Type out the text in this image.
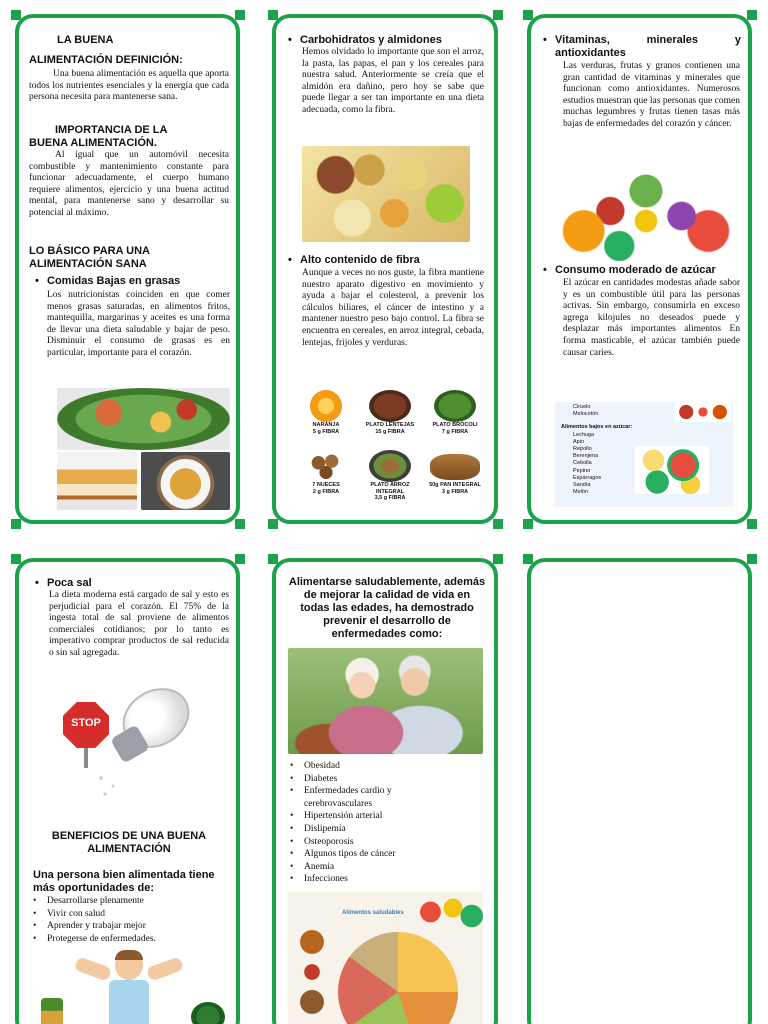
LA BUENA
ALIMENTACIÓN DEFINICIÓN:
Una buena alimentación es aquella que aporta todos los nutrientes esenciales y la energía que cada persona necesita para mantenerse sana.
IMPORTANCIA DE LA BUENA ALIMENTACIÓN.
Al igual que un automóvil necesita combustible y mantenimiento constante para funcionar adecuadamente, el cuerpo humano requiere alimentos, ejercicio y una buena actitud mental, para mantenerse sano y desarrollar su potencial al máximo.
LO BÁSICO PARA UNA ALIMENTACIÓN SANA
• Comidas Bajas en grasas
Los nutricionistas coinciden en que comer menos grasas saturadas, en alimentos fritos, mantequilla, margarinas y aceites es una forma de llevar una dieta saludable y bajar de peso. Disminuir el consumo de grasas es en particular, importante para el corazón.
• Carbohidratos y almidones
Hemos olvidado lo importante que son el arroz, la pasta, las papas, el pan y los cereales para nuestra salud. Anteriormente se creía que el almidón era dañino, pero hoy se sabe que puede llegar a ser tan importante en una dieta adecuada, como la fibra.
• Alto contenido de fibra
Aunque a veces no nos guste, la fibra mantiene nuestro aparato digestivo en movimiento y ayuda a bajar el colesterol, a prevenir los cálculos biliares, el cáncer de intestino y a mantener nuestro peso bajo control. La fibra se encuentra en cereales, en arroz integral, cebada, lentejas, frijoles y verduras.
NARANJA
5 g FIBRA
PLATO LENTEJAS
15 g FIBRA
PLATO BRÓCOLI
7 g FIBRA
7 NUECES
2 g FIBRA
PLATO ARROZ
INTEGRAL
3,5 g FIBRA
50g PAN INTEGRAL
3 g FIBRA
• Vitaminas, minerales y antioxidantes
Las verduras, frutas y granos contienen una gran cantidad de vitaminas y minerales que funcionan como antioxidantes. Numerosos estudios muestran que las personas que comen muchas legumbres y frutas tienen tasas más bajas de enfermedades del corazón y cáncer.
• Consumo moderado de azúcar
El azúcar en cantidades modestas añade sabor y es un combustible útil para las personas activas. Sin embargo, consumirla en exceso agrega kilojules no deseados puede y desplazar más importantes alimentos En forma masticable, el azúcar también puede causar caries.
Ciruelo
Melocotón
Alimentos bajos en azúcar:
Lechuga
Apio
Repollo
Berenjena
Cebolla
Pepino
Espárragos
Sandía
Melón
• Poca sal
La dieta moderna está cargado de sal y esto es perjudicial para el corazón. El 75% de la ingesta total de sal proviene de alimentos comerciales cotidianos; por lo tanto es imperativo comprar productos de sal reducida o sin sal agregada.
STOP
BENEFICIOS DE UNA BUENA ALIMENTACIÓN
Una persona bien alimentada tiene más oportunidades de:
• Desarrollarse plenamente
• Vivir con salud
• Aprender y trabajar mejor
• Protegerse de enfermedades.
Alimentarse saludablemente, además de mejorar la calidad de vida en todas las edades, ha demostrado prevenir el desarrollo de enfermedades como:
• Obesidad
• Diabetes
• Enfermedades cardio y cerebrovasculares
• Hipertensión arterial
• Dislipemia
• Osteoporosis
• Algunos tipos de cáncer
• Anemia
• Infecciones
Alimentos saludables
